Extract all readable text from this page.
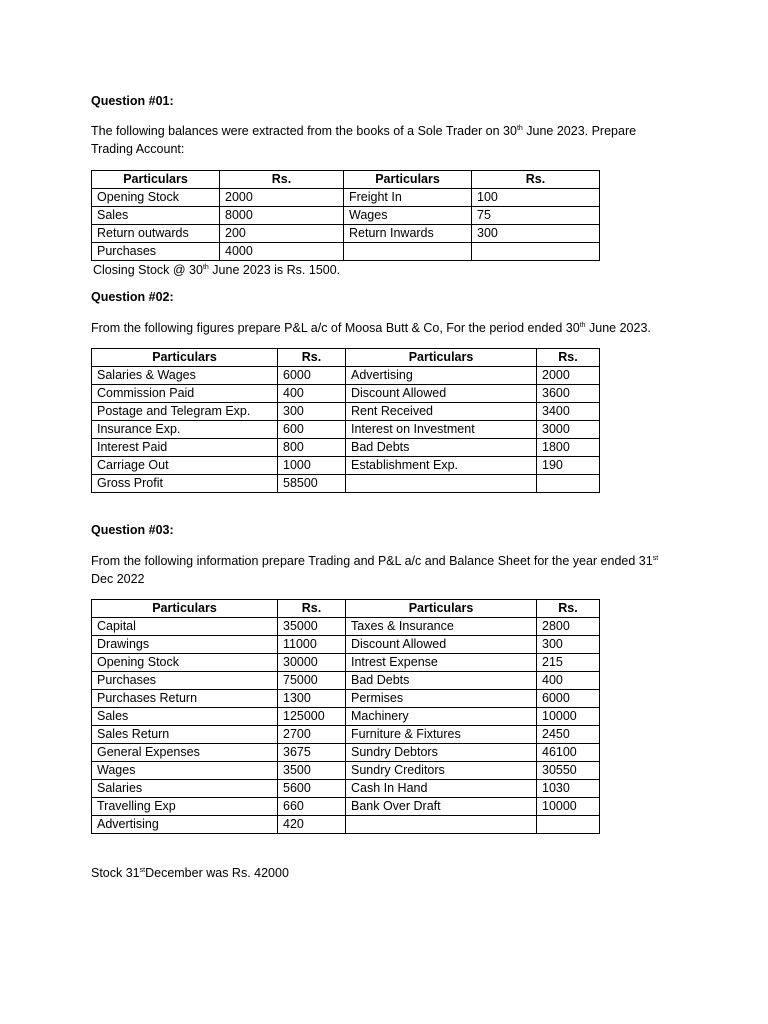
Question #01:
The following balances were extracted from the books of a Sole Trader on 30th June 2023. Prepare
Trading Account:
Particulars	Rs.	Particulars	Rs.
Opening Stock	2000	Freight In	100
Sales	8000	Wages	75
Return outwards	200	Return Inwards	300
Purchases	4000		
Closing Stock @ 30th June 2023 is Rs. 1500.
Question #02:
From the following figures prepare P&L a/c of Moosa Butt & Co, For the period ended 30th June 2023.
Particulars	Rs.	Particulars	Rs.
Salaries & Wages	6000	Advertising	2000
Commission Paid	400	Discount Allowed	3600
Postage and Telegram Exp.	300	Rent Received	3400
Insurance Exp.	600	Interest on Investment	3000
Interest Paid	800	Bad Debts	1800
Carriage Out	1000	Establishment Exp.	190
Gross Profit	58500		
Question #03:
From the following information prepare Trading and P&L a/c and Balance Sheet for the year ended 31st
Dec 2022
Particulars	Rs.	Particulars	Rs.
Capital	35000	Taxes & Insurance	2800
Drawings	11000	Discount Allowed	300
Opening Stock	30000	Intrest Expense	215
Purchases	75000	Bad Debts	400
Purchases Return	1300	Permises	6000
Sales	125000	Machinery	10000
Sales Return	2700	Furniture & Fixtures	2450
General Expenses	3675	Sundry Debtors	46100
Wages	3500	Sundry Creditors	30550
Salaries	5600	Cash In Hand	1030
Travelling Exp	660	Bank Over Draft	10000
Advertising	420		
Stock 31stDecember was Rs. 42000
